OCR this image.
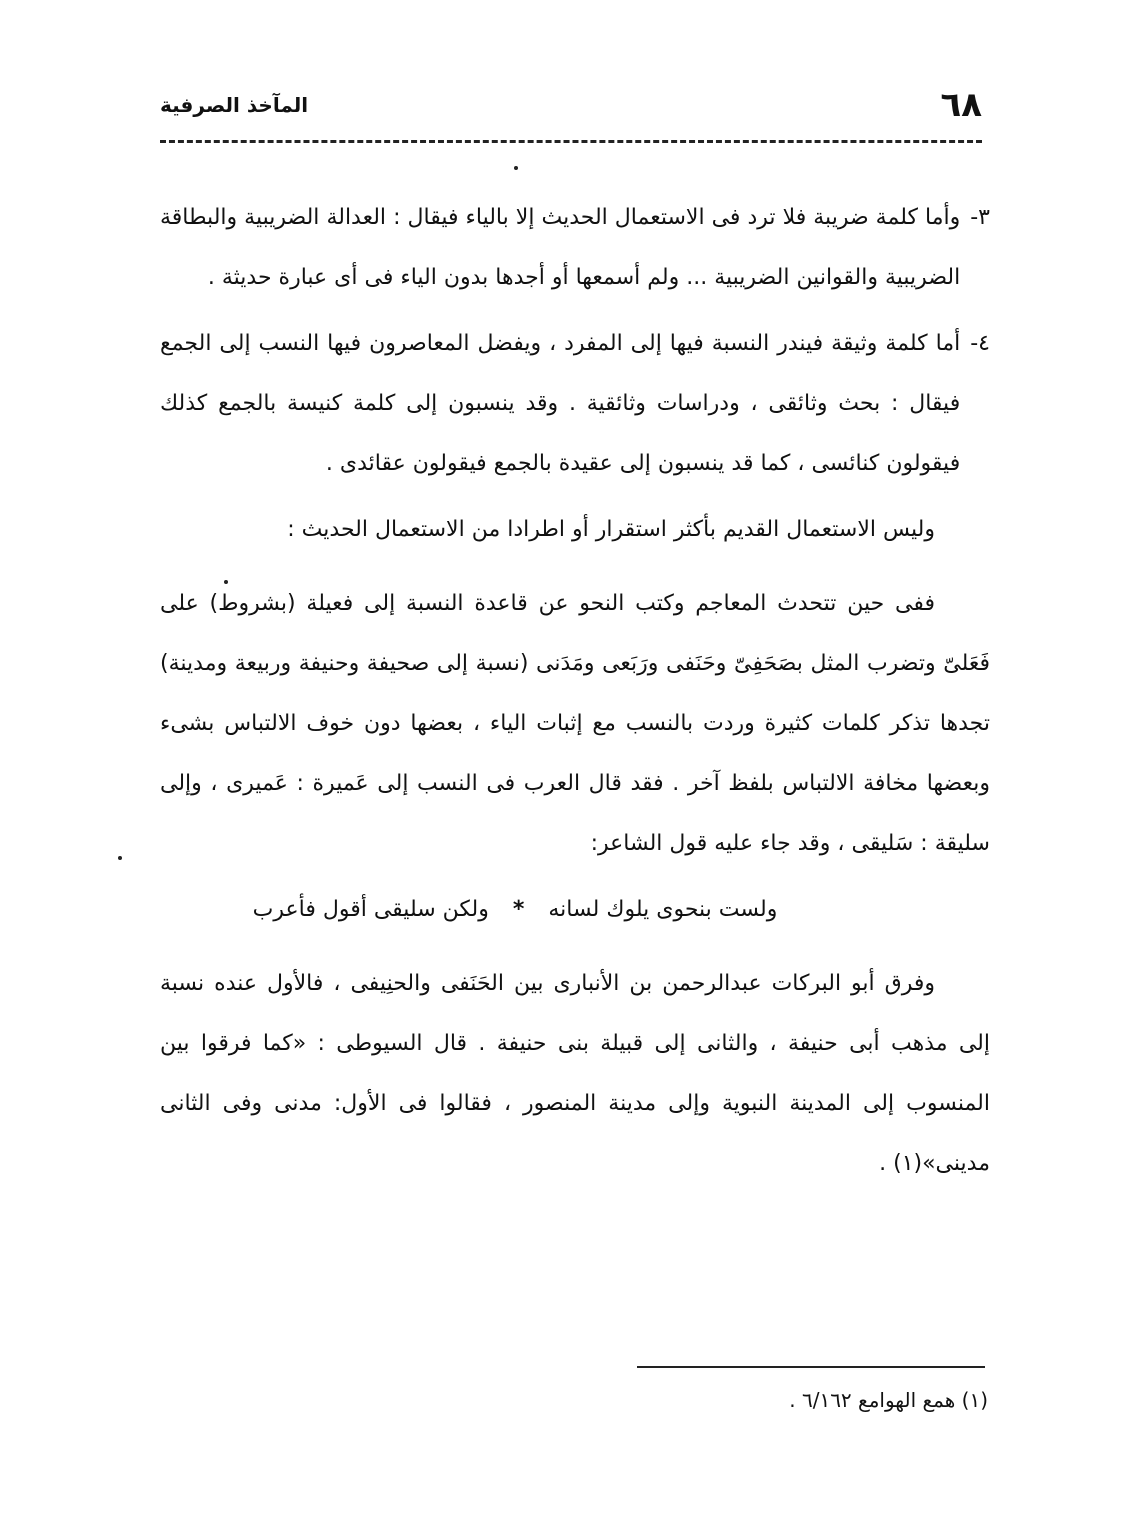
٦٨
المآخذ الصرفية
٣-
وأما كلمة ضريبة فلا ترد فى الاستعمال الحديث إلا بالياء فيقال : العدالة الضريبية والبطاقة الضريبية والقوانين الضريبية ... ولم أسمعها أو أجدها بدون الياء فى أى عبارة حديثة .
٤-
أما كلمة وثيقة فيندر النسبة فيها إلى المفرد ، ويفضل المعاصرون فيها النسب إلى الجمع فيقال : بحث وثائقى ، ودراسات وثائقية . وقد ينسبون إلى كلمة كنيسة بالجمع كذلك فيقولون كنائسى ، كما قد ينسبون إلى عقيدة بالجمع فيقولون عقائدى .

وليس الاستعمال القديم بأكثر استقرار أو اطرادا من الاستعمال الحديث :

ففى حين تتحدث المعاجم وكتب النحو عن قاعدة النسبة إلى فعيلة (بشروط) على فَعَلىّ وتضرب المثل بصَحَفِىّ وحَنَفى ورَبَعى ومَدَنى (نسبة إلى صحيفة وحنيفة وربيعة ومدينة) تجدها تذكر كلمات كثيرة وردت بالنسب مع إثبات الياء ، بعضها دون خوف الالتباس بشىء وبعضها مخافة الالتباس بلفظ آخر . فقد قال العرب فى النسب إلى عَميرة : عَميرى ، وإلى سليقة : سَليقى ، وقد جاء عليه قول الشاعر:

ولست بنحوى يلوك لسانه
*
ولكن سليقى أقول فأعرب

وفرق أبو البركات عبدالرحمن بن الأنبارى بين الحَنَفى والحنِيفى ، فالأول عنده نسبة إلى مذهب أبى حنيفة ، والثانى إلى قبيلة بنى حنيفة . قال السيوطى : «كما فرقوا بين المنسوب إلى المدينة النبوية وإلى مدينة المنصور ، فقالوا فى الأول: مدنى وفى الثانى مدينى»(١) .

(١) همع الهوامع ٦/١٦٢ .
